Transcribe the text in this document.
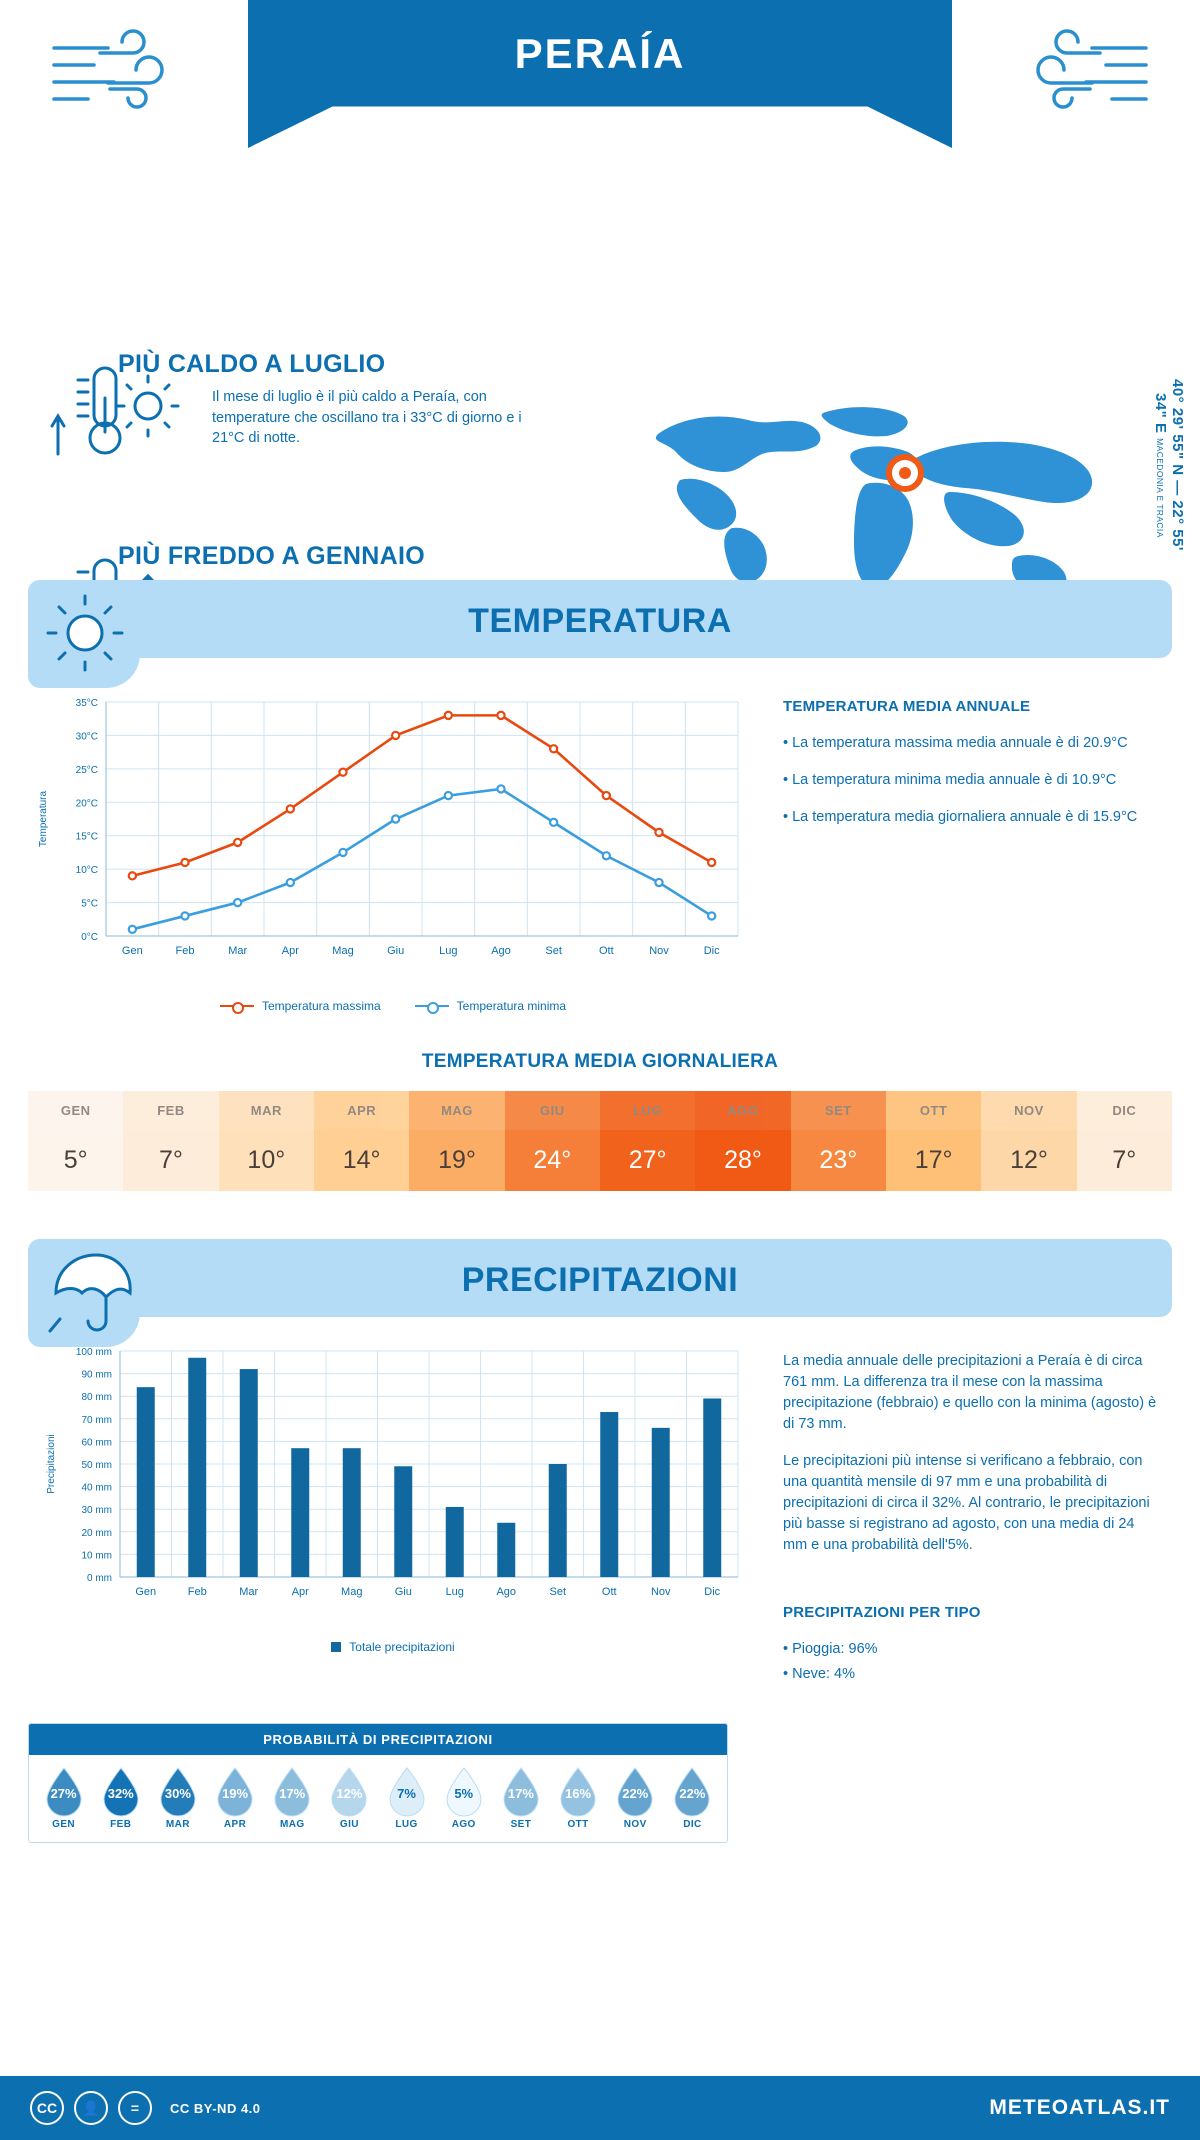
PERAÍA
GRECIA
PIÙ CALDO A LUGLIO
Il mese di luglio è il più caldo a Peraía, con temperature che oscillano tra i 33°C di giorno e i 21°C di notte.
PIÙ FREDDO A GENNAIO
40° 29' 55" N — 22° 55' 34" E MACEDONIA E TRACIA
TEMPERATURA
0°C
5°C
10°C
15°C
20°C
25°C
30°C
35°C
Gen	Feb	Mar	Apr	Mag	Giu	Lug	Ago	Set	Ott	Nov	Dic
Temperatura
Temperatura massima	Temperatura minima
TEMPERATURA MEDIA ANNUALE
• La temperatura massima media annuale è di 20.9°C
• La temperatura minima media annuale è di 10.9°C
• La temperatura media giornaliera annuale è di 15.9°C
TEMPERATURA MEDIA GIORNALIERA
GEN	FEB	MAR	APR	MAG	GIU	LUG	AGO	SET	OTT	NOV	DIC
5°	7°	10°	14°	19°	24°	27°	28°	23°	17°	12°	7°
PRECIPITAZIONI
0 mm
10 mm
20 mm
30 mm
40 mm
50 mm
60 mm
70 mm
80 mm
90 mm
100 mm
Gen	Feb	Mar	Apr	Mag	Giu	Lug	Ago	Set	Ott	Nov	Dic
Precipitazioni
Totale precipitazioni
La media annuale delle precipitazioni a Peraía è di circa 761 mm. La differenza tra il mese con la massima precipitazione (febbraio) e quello con la minima (agosto) è di 73 mm.
Le precipitazioni più intense si verificano a febbraio, con una quantità mensile di 97 mm e una probabilità di precipitazioni di circa il 32%. Al contrario, le precipitazioni più basse si registrano ad agosto, con una media di 24 mm e una probabilità dell'5%.
PRECIPITAZIONI PER TIPO
• Pioggia: 96%
• Neve: 4%
PROBABILITÀ DI PRECIPITAZIONI
27%
GEN
32%
FEB
30%
MAR
19%
APR
17%
MAG
12%
GIU
7%
LUG
5%
AGO
17%
SET
16%
OTT
22%
NOV
22%
DIC
CC	👤	=	CC BY-ND 4.0	METEOATLAS.IT
